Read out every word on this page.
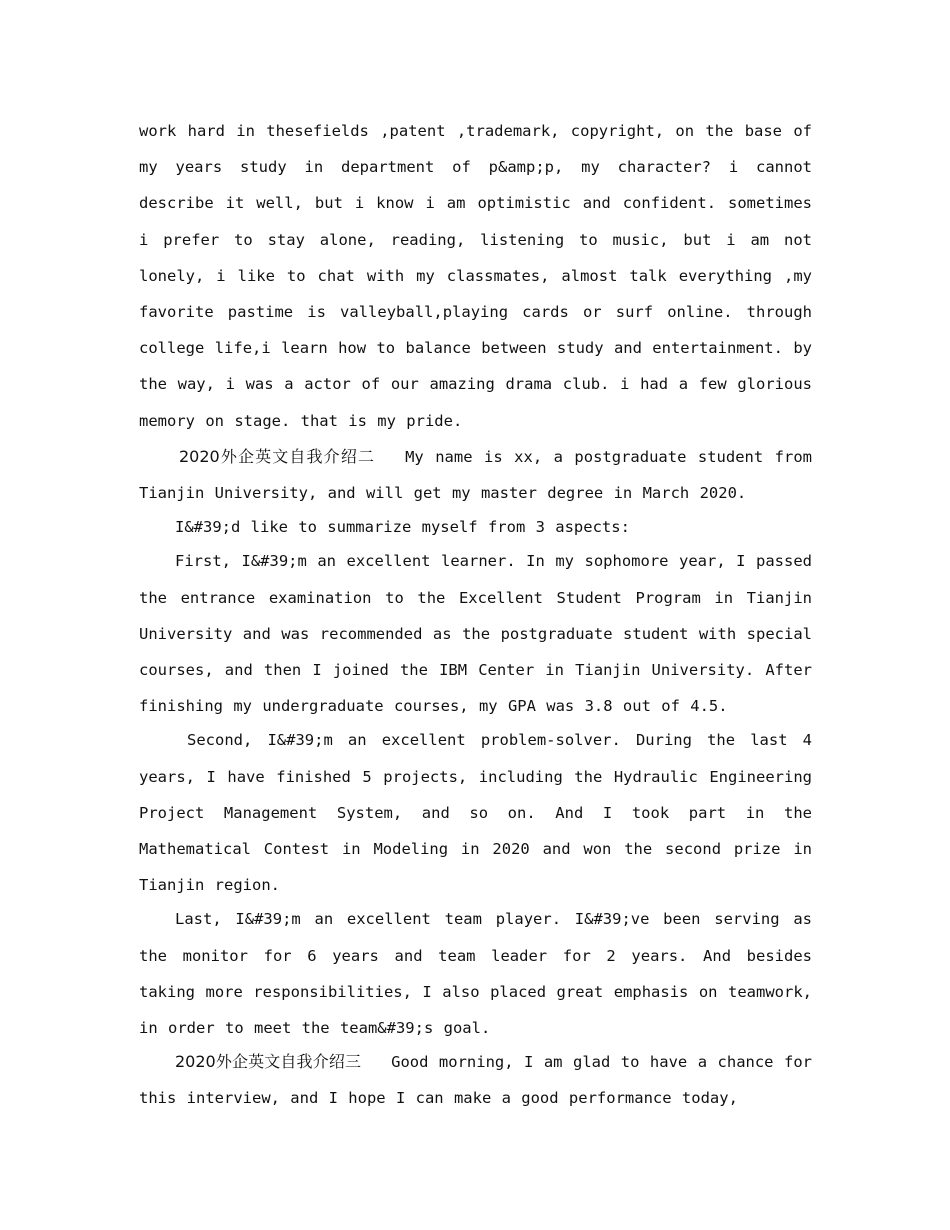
work hard in thesefields ,patent ,trademark, copyright, on the base of my years study in department of p&amp;p, my character? i cannot describe it well, but i know i am optimistic and confident. sometimes i prefer to stay alone, reading, listening to music, but i am not lonely, i like to chat with my classmates, almost talk everything ,my favorite pastime is valleyball,playing cards or surf online. through college life,i learn how to balance between study and entertainment. by the way, i was a actor of our amazing drama club. i had a few glorious memory on stage. that is my pride.

2020外企英文自我介绍二 My name is xx, a postgraduate student from Tianjin University, and will get my master degree in March 2020.

I&#39;d like to summarize myself from 3 aspects:

First, I&#39;m an excellent learner. In my sophomore year, I passed the entrance examination to the Excellent Student Program in Tianjin University and was recommended as the postgraduate student with special courses, and then I joined the IBM Center in Tianjin University. After finishing my undergraduate courses, my GPA was 3.8 out of 4.5.

Second, I&#39;m an excellent problem-solver. During the last 4 years, I have finished 5 projects, including the Hydraulic Engineering Project Management System, and so on. And I took part in the Mathematical Contest in Modeling in 2020 and won the second prize in Tianjin region.

Last, I&#39;m an excellent team player. I&#39;ve been serving as the monitor for 6 years and team leader for 2 years. And besides taking more responsibilities, I also placed great emphasis on teamwork, in order to meet the team&#39;s goal.

2020外企英文自我介绍三 Good morning, I am glad to have a chance for this interview, and I hope I can make a good performance today,
